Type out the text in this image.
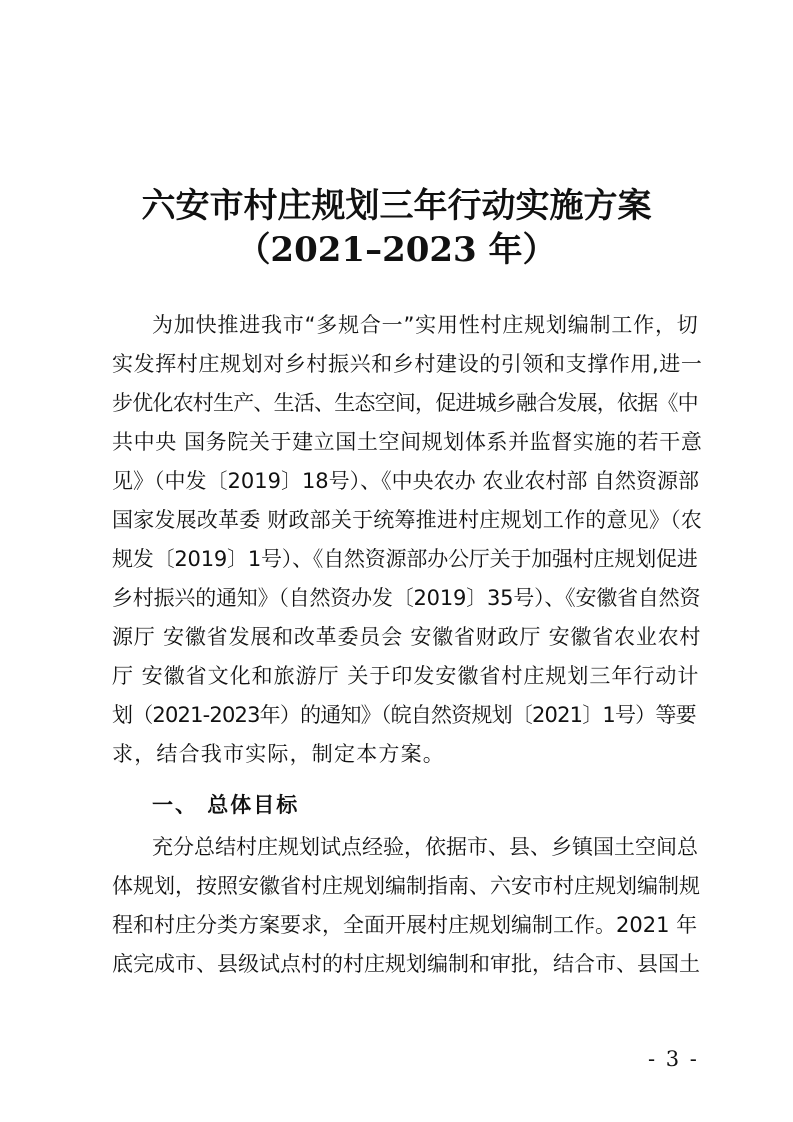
六安市村庄规划三年行动实施方案
（2021–2023 年）
为加快推进我市“多规合一”实用性村庄规划编制工作，切
实发挥村庄规划对乡村振兴和乡村建设的引领和支撑作用,进一
步优化农村生产、生活、生态空间，促进城乡融合发展，依据《中
共中央 国务院关于建立国土空间规划体系并监督实施的若干意
见》（中发〔2019〕18号）、《中央农办 农业农村部 自然资源部
国家发展改革委 财政部关于统筹推进村庄规划工作的意见》（农
规发〔2019〕1号）、《自然资源部办公厅关于加强村庄规划促进
乡村振兴的通知》（自然资办发〔2019〕35号）、《安徽省自然资
源厅 安徽省发展和改革委员会 安徽省财政厅 安徽省农业农村
厅 安徽省文化和旅游厅 关于印发安徽省村庄规划三年行动计
划（2021-2023年）的通知》（皖自然资规划〔2021〕1号）等要
求，结合我市实际，制定本方案。
一、 总体目标
充分总结村庄规划试点经验，依据市、县、乡镇国土空间总
体规划，按照安徽省村庄规划编制指南、六安市村庄规划编制规
程和村庄分类方案要求，全面开展村庄规划编制工作。2021 年
底完成市、县级试点村的村庄规划编制和审批，结合市、县国土
- 3 -
